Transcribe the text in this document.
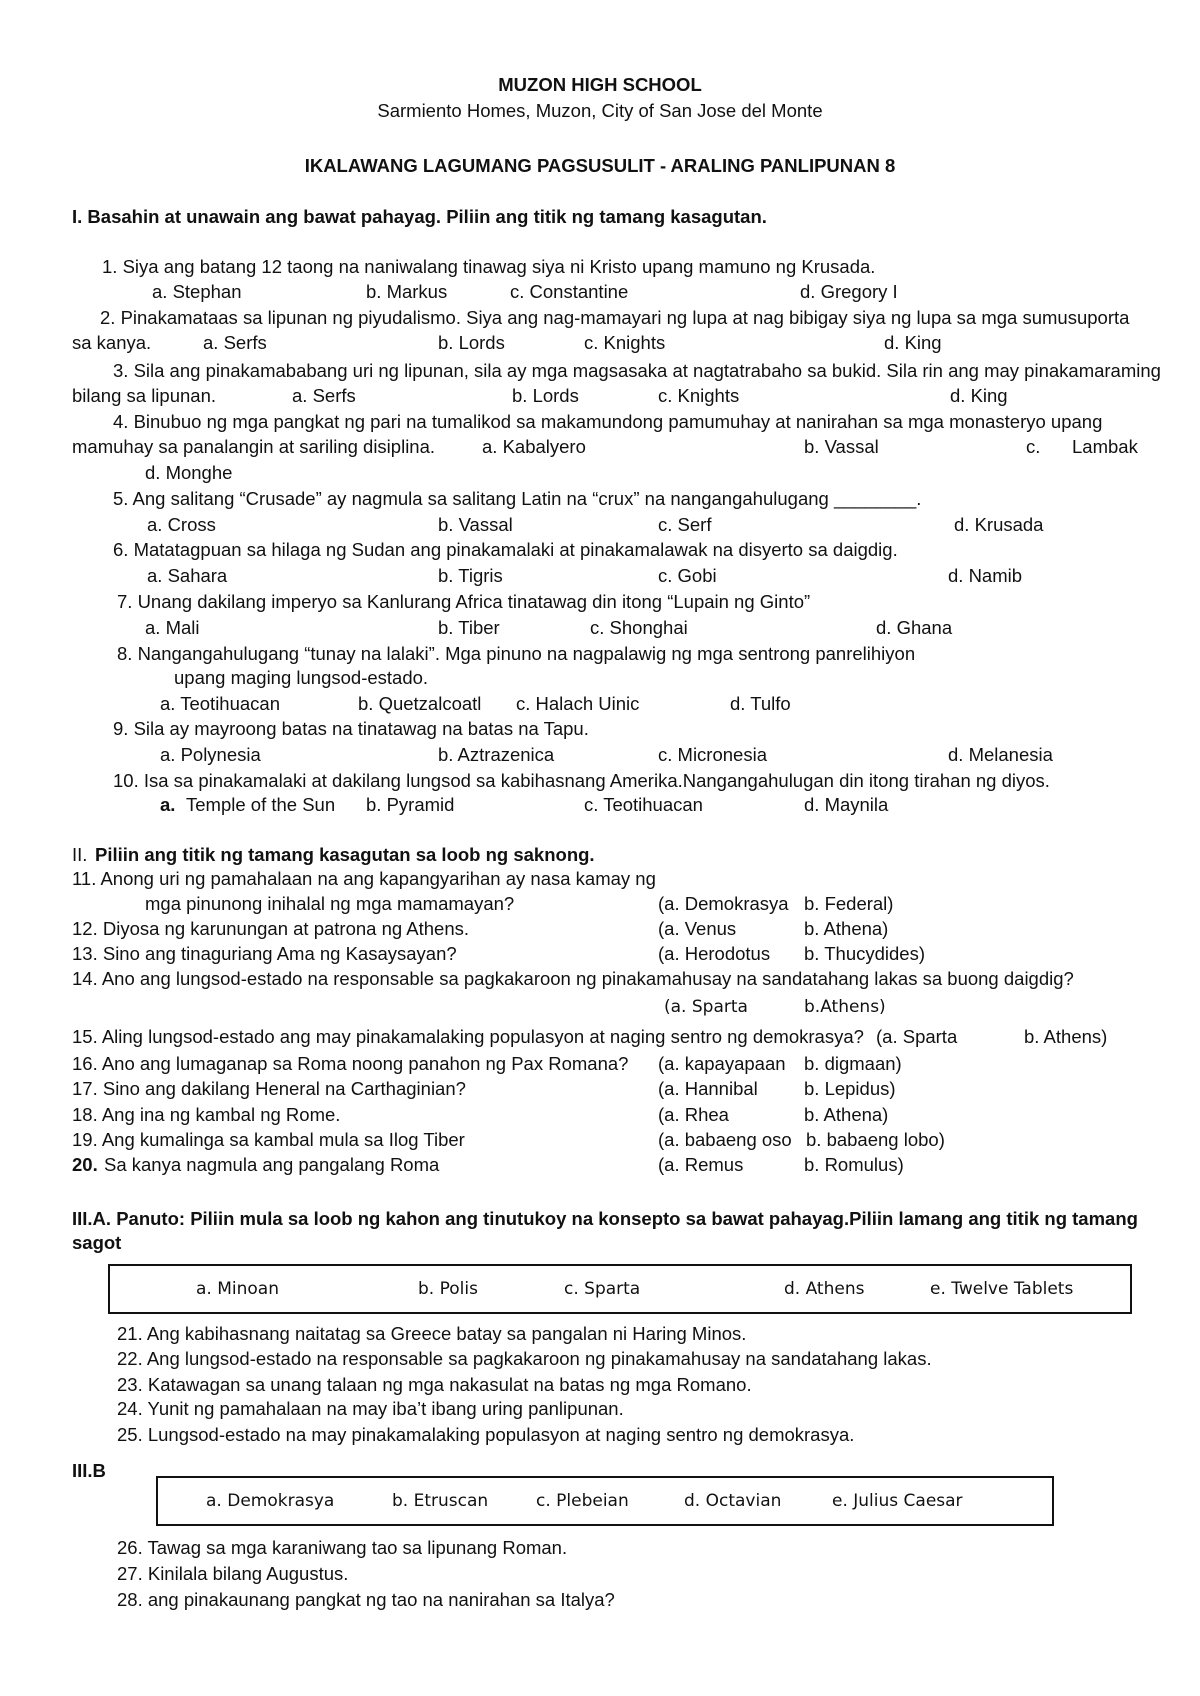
MUZON HIGH SCHOOL
Sarmiento Homes, Muzon, City of San Jose del Monte
IKALAWANG LAGUMANG PAGSUSULIT - ARALING PANLIPUNAN 8
I. Basahin at unawain ang bawat pahayag. Piliin ang titik ng tamang kasagutan.
1. Siya ang batang 12 taong na naniwalang tinawag siya ni Kristo upang mamuno ng Krusada.
a. Stephan	b. Markus	c. Constantine	d. Gregory I
2. Pinakamataas sa lipunan ng piyudalismo. Siya ang nag-mamayari ng lupa at nag bibigay siya ng lupa sa mga sumusuporta
sa kanya.	a. Serfs	b. Lords	c. Knights	d. King
3. Sila ang pinakamababang uri ng lipunan, sila ay mga magsasaka at nagtatrabaho sa bukid. Sila rin ang may pinakamaraming
bilang sa lipunan.	a. Serfs	b. Lords	c. Knights	d. King
4. Binubuo ng mga pangkat ng pari na tumalikod sa makamundong pamumuhay at nanirahan sa mga monasteryo upang
mamuhay sa panalangin at sariling disiplina.	a. Kabalyero	b. Vassal	c. Lambak
d. Monghe
5. Ang salitang “Crusade” ay nagmula sa salitang Latin na “crux” na nangangahulugang ________.
a. Cross	b. Vassal	c. Serf	d. Krusada
6. Matatagpuan sa hilaga ng Sudan ang pinakamalaki at pinakamalawak na disyerto sa daigdig.
a. Sahara	b. Tigris	c. Gobi	d. Namib
7. Unang dakilang imperyo sa Kanlurang Africa tinatawag din itong “Lupain ng Ginto”
a. Mali	b. Tiber	c. Shonghai	d. Ghana
8. Nangangahulugang “tunay na lalaki”. Mga pinuno na nagpalawig ng mga sentrong panrelihiyon
upang maging lungsod-estado.
a. Teotihuacan	b. Quetzalcoatl c. Halach Uinic	d. Tulfo
9. Sila ay mayroong batas na tinatawag na batas na Tapu.
a. Polynesia	b. Aztrazenica	c. Micronesia	d. Melanesia
10. Isa sa pinakamalaki at dakilang lungsod sa kabihasnang Amerika.Nangangahulugan din itong tirahan ng diyos.
a. Temple of the Sun b. Pyramid	c. Teotihuacan	d. Maynila
II. Piliin ang titik ng tamang kasagutan sa loob ng saknong.
11. Anong uri ng pamahalaan na ang kapangyarihan ay nasa kamay ng
mga pinunong inihalal ng mga mamamayan?	(a. Demokrasya b. Federal)
12. Diyosa ng karunungan at patrona ng Athens.	(a. Venus	b. Athena)
13. Sino ang tinaguriang Ama ng Kasaysayan?	(a. Herodotus b. Thucydides)
14. Ano ang lungsod-estado na responsable sa pagkakaroon ng pinakamahusay na sandatahang lakas sa buong daigdig?
(a. Sparta	b.Athens)
15. Aling lungsod-estado ang may pinakamalaking populasyon at naging sentro ng demokrasya? (a. Sparta	b. Athens)
16. Ano ang lumaganap sa Roma noong panahon ng Pax Romana? (a. kapayapaan b. digmaan)
17. Sino ang dakilang Heneral na Carthaginian?	(a. Hannibal b. Lepidus)
18. Ang ina ng kambal ng Rome.	(a. Rhea	b. Athena)
19. Ang kumalinga sa kambal mula sa Ilog Tiber	(a. babaeng oso b. babaeng lobo)
20. Sa kanya nagmula ang pangalang Roma	(a. Remus	b. Romulus)
III.A. Panuto: Piliin mula sa loob ng kahon ang tinutukoy na konsepto sa bawat pahayag.Piliin lamang ang titik ng tamang
sagot
a. Minoan	b. Polis	c. Sparta	d. Athens	e. Twelve Tablets
21. Ang kabihasnang naitatag sa Greece batay sa pangalan ni Haring Minos.
22. Ang lungsod-estado na responsable sa pagkakaroon ng pinakamahusay na sandatahang lakas.
23. Katawagan sa unang talaan ng mga nakasulat na batas ng mga Romano.
24. Yunit ng pamahalaan na may iba’t ibang uring panlipunan.
25. Lungsod-estado na may pinakamalaking populasyon at naging sentro ng demokrasya.
III.B
a. Demokrasya	b. Etruscan	c. Plebeian	d. Octavian	e. Julius Caesar
26. Tawag sa mga karaniwang tao sa lipunang Roman.
27. Kinilala bilang Augustus.
28. ang pinakaunang pangkat ng tao na nanirahan sa Italya?
